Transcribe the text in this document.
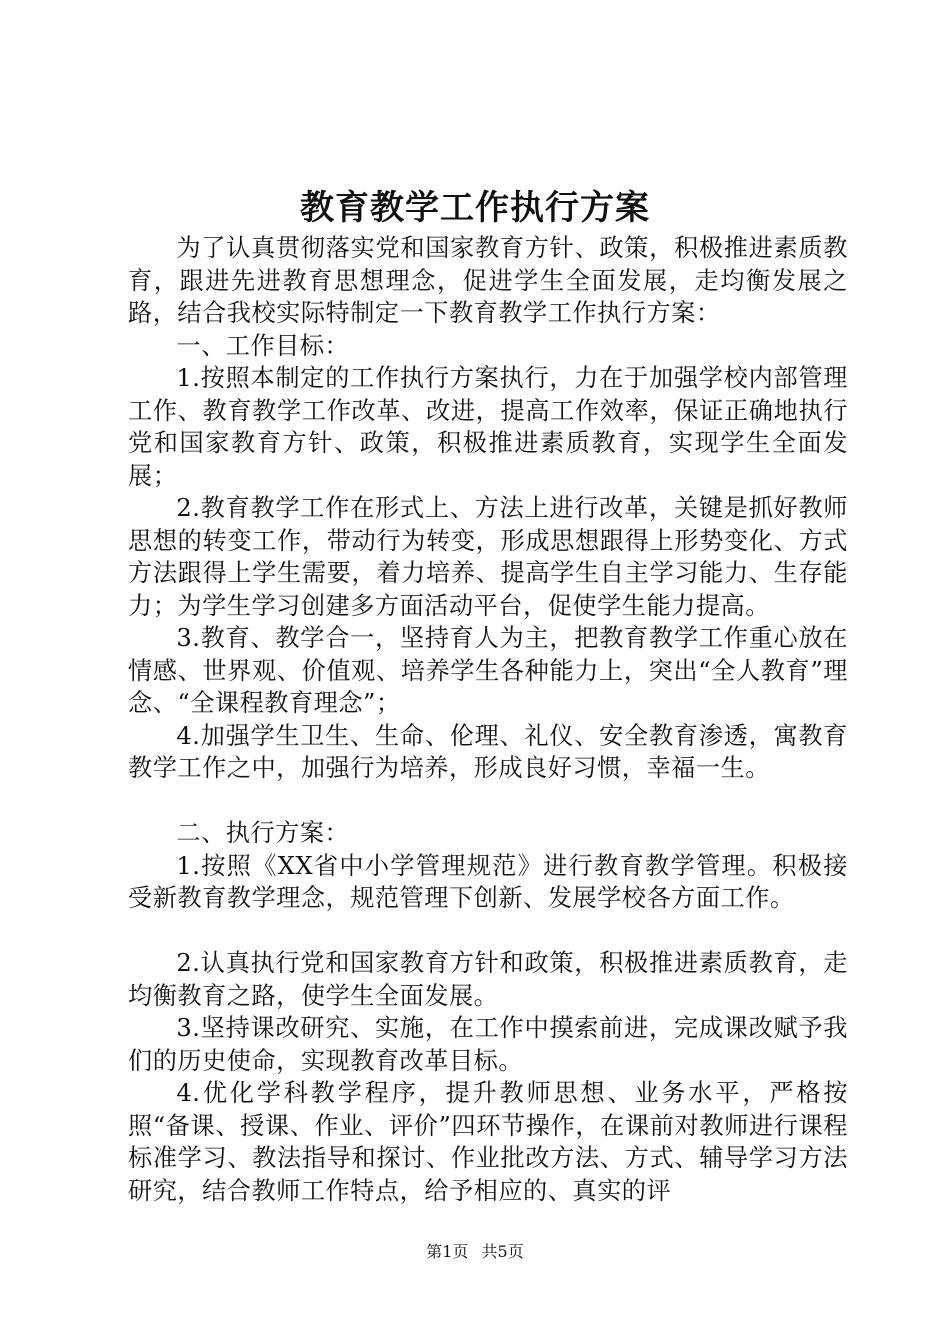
教育教学工作执行方案

为了认真贯彻落实党和国家教育方针、政策，积极推进素质教育，跟进先进教育思想理念，促进学生全面发展，走均衡发展之路，结合我校实际特制定一下教育教学工作执行方案：

一、工作目标：

1.按照本制定的工作执行方案执行，力在于加强学校内部管理工作、教育教学工作改革、改进，提高工作效率，保证正确地执行党和国家教育方针、政策，积极推进素质教育，实现学生全面发展；

2.教育教学工作在形式上、方法上进行改革，关键是抓好教师思想的转变工作，带动行为转变，形成思想跟得上形势变化、方式方法跟得上学生需要，着力培养、提高学生自主学习能力、生存能力；为学生学习创建多方面活动平台，促使学生能力提高。

3.教育、教学合一，坚持育人为主，把教育教学工作重心放在情感、世界观、价值观、培养学生各种能力上，突出“全人教育”理念、“全课程教育理念”；

4.加强学生卫生、生命、伦理、礼仪、安全教育渗透，寓教育教学工作之中，加强行为培养，形成良好习惯，幸福一生。

二、执行方案：

1.按照《XX省中小学管理规范》进行教育教学管理。积极接受新教育教学理念，规范管理下创新、发展学校各方面工作。

2.认真执行党和国家教育方针和政策，积极推进素质教育，走均衡教育之路，使学生全面发展。

3.坚持课改研究、实施，在工作中摸索前进，完成课改赋予我们的历史使命，实现教育改革目标。

4.优化学科教学程序，提升教师思想、业务水平，严格按照“备课、授课、作业、评价”四环节操作，在课前对教师进行课程标准学习、教法指导和探讨、作业批改方法、方式、辅导学习方法研究，结合教师工作特点，给予相应的、真实的评

第1页 共5页
